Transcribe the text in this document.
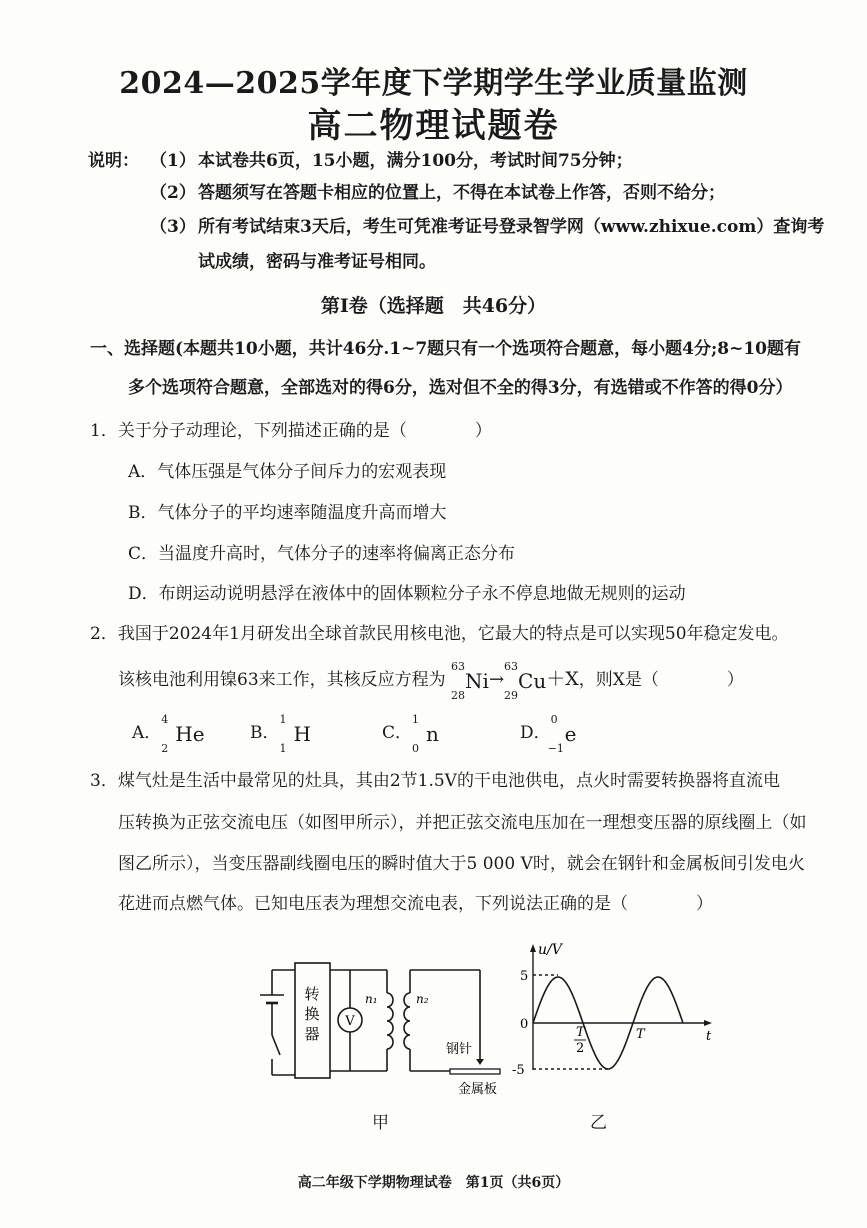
2024—2025学年度下学期学生学业质量监测
高二物理试题卷
说明： （1） 本试卷共6页，15小题，满分100分，考试时间75分钟；
（2） 答题须写在答题卡相应的位置上，不得在本试卷上作答，否则不给分；
（3） 所有考试结束3天后，考生可凭准考证号登录智学网（www.zhixue.com）查询考
试成绩，密码与准考证号相同。
第Ⅰ卷（选择题　共46分）
一、选择题(本题共10小题，共计46分.1~7题只有一个选项符合题意，每小题4分;8~10题有
多个选项符合题意，全部选对的得6分，选对但不全的得3分，有选错或不作答的得0分）
1．关于分子动理论，下列描述正确的是（　　　　）
A．气体压强是气体分子间斥力的宏观表现
B．气体分子的平均速率随温度升高而增大
C．当温度升高时，气体分子的速率将偏离正态分布
D．布朗运动说明悬浮在液体中的固体颗粒分子永不停息地做无规则的运动
2．我国于2024年1月研发出全球首款民用核电池，它最大的特点是可以实现50年稳定发电。
该核电池利用镍63来工作，其核反应方程为
63
28
Ni→
63
29
Cu＋X，则X是（　　　　）
A．
4
2
He	B．
1
1
H	C．
1
0
n	D．
0
−1
e
3．煤气灶是生活中最常见的灶具，其由2节1.5V的干电池供电，点火时需要转换器将直流电
压转换为正弦交流电压（如图甲所示），并把正弦交流电压加在一理想变压器的原线圈上（如
图乙所示），当变压器副线圈电压的瞬时值大于5 000 V时，就会在钢针和金属板间引发电火
花进而点燃气体。已知电压表为理想交流电表，下列说法正确的是（　　　　）
转
换
器
V
n₁	n₂
钢针
金属板
甲
u/V
t
5
0
-5
T
2
T
乙
高二年级下学期物理试卷　第1页（共6页）
